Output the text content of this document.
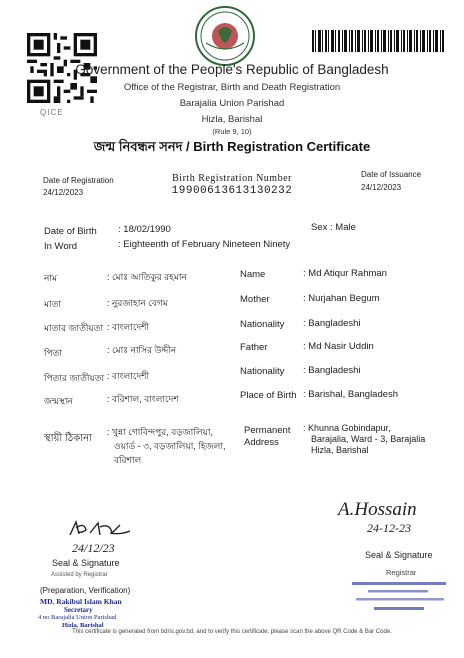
QICE
Government of the People's Republic of Bangladesh
Office of the Registrar, Birth and Death Registration
Barajalia Union Parishad
Hizla, Barishal
(Rule 9, 10)
জন্ম নিবন্ধন সনদ / Birth Registration Certificate
Date of Registration
24/12/2023
Birth Registration Number
19900613613130232
Date of Issuance
24/12/2023
Date of Birth : 18/02/1990	Sex : Male
In Word	: Eighteenth of February Nineteen Ninety
নাম	: মোঃ আতিকুর রহমান	Name	: Md Atiqur Rahman
মাতা	: নুরজাহান বেগম	Mother	: Nurjahan Begum
মাতার জাতীয়তা : বাংলাদেশী	Nationality : Bangladeshi
পিতা	: মোঃ নাসির উদ্দীন	Father	: Md Nasir Uddin
পিতার জাতীয়তা : বাংলাদেশী	Nationality : Bangladeshi
জন্মস্থান	: বরিশাল, বাংলাদেশ	Place of Birth : Barishal, Bangladesh
স্থায়ী ঠিকানা
: খুন্না গোবিন্দপুর, বড়জালিয়া,
ওয়ার্ড - ৩, বড়জালিয়া, হিজলা,
বরিশাল
Permanent
Address
: Khunna Gobindapur,
Barajalia, Ward - 3, Barajalia
Hizla, Barishal
24/12/23
Seal & Signature
Assisted by Registrar
(Preparation, Verification)
MD. Rakibul Islam Khan
Secretary
4 no Barajalia Union Parishad
Hizla, Barishal
A.Hossain
24-12-23
Seal & Signature
Registrar
This certificate is generated from bdris.gov.bd, and to verify this certificate, please scan the above QR Code & Bar Code.
